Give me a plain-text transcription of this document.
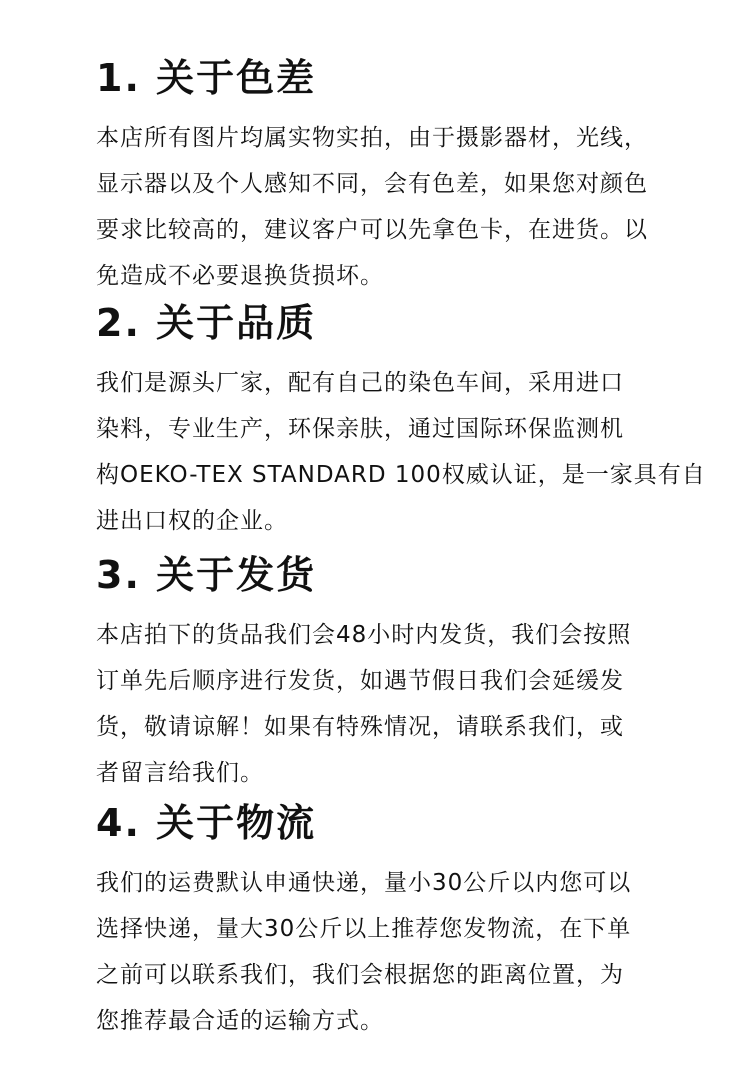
1. 关于色差

本店所有图片均属实物实拍，由于摄影器材，光线，

显示器以及个人感知不同，会有色差，如果您对颜色

要求比较高的，建议客户可以先拿色卡，在进货。以

免造成不必要退换货损坏。

2. 关于品质

我们是源头厂家，配有自己的染色车间，采用进口

染料，专业生产，环保亲肤，通过国际环保监测机

构OEKO-TEX STANDARD 100权威认证，是一家具有自

进出口权的企业。

3. 关于发货

本店拍下的货品我们会48小时内发货，我们会按照

订单先后顺序进行发货，如遇节假日我们会延缓发

货，敬请谅解！如果有特殊情况，请联系我们，或

者留言给我们。

4. 关于物流

我们的运费默认申通快递，量小30公斤以内您可以

选择快递，量大30公斤以上推荐您发物流，在下单

之前可以联系我们，我们会根据您的距离位置，为

您推荐最合适的运输方式。
